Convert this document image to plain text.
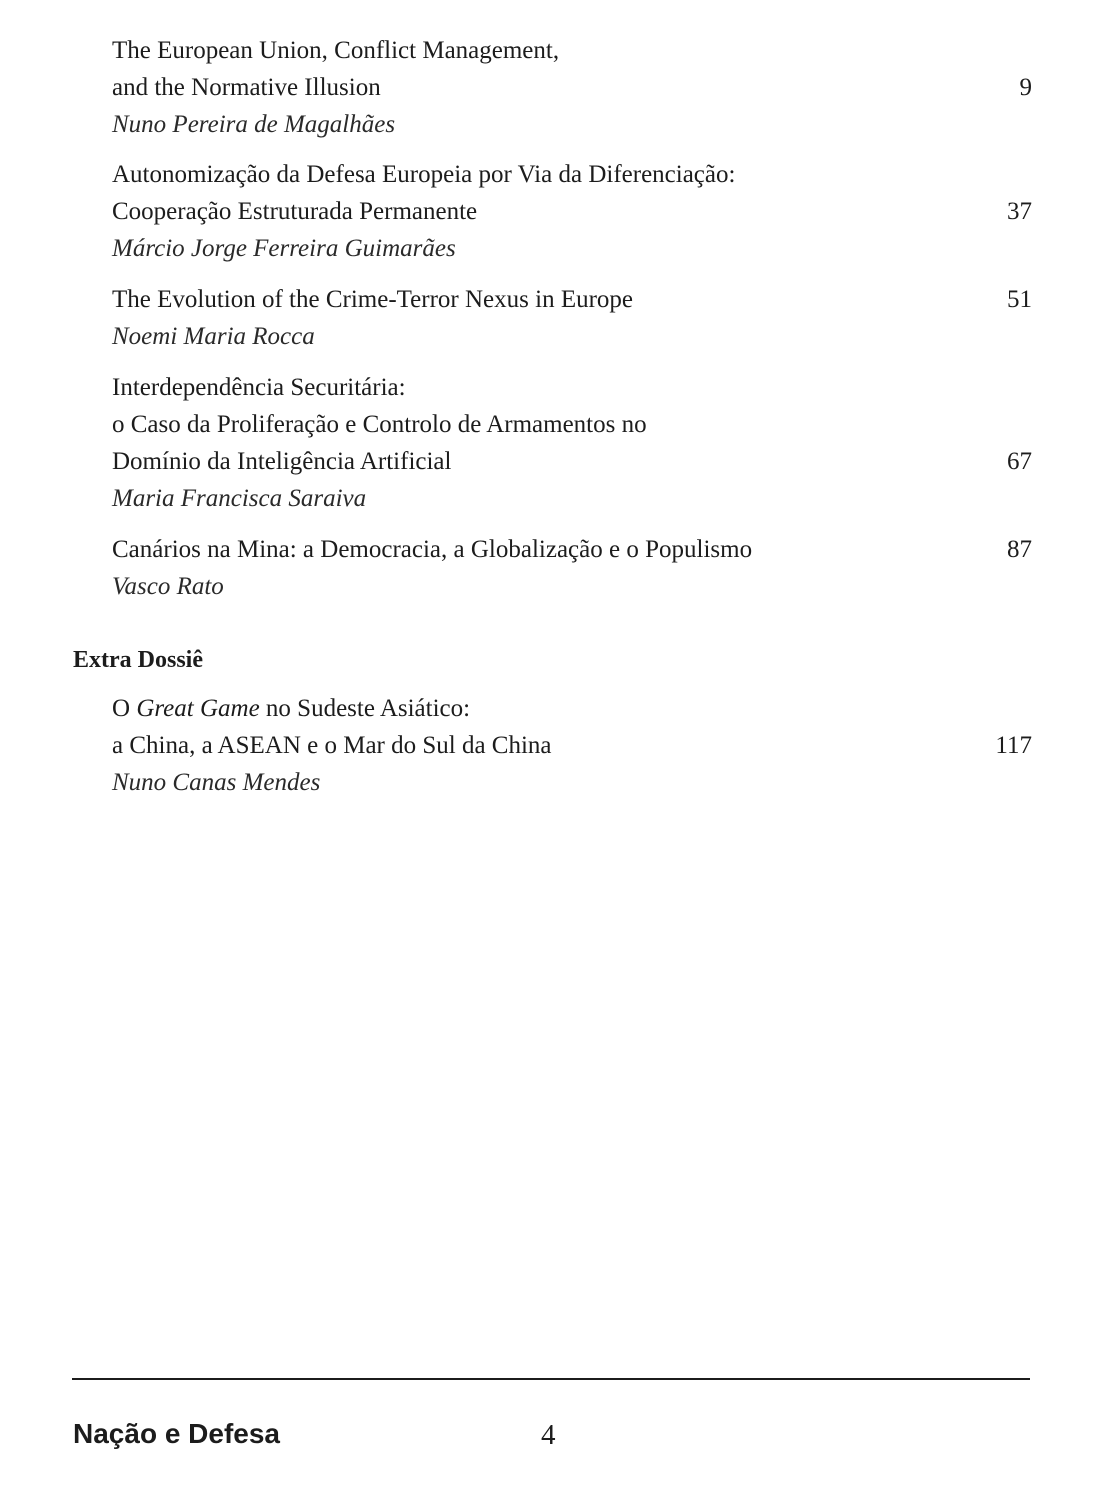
The European Union, Conflict Management,
and the Normative Illusion	9
Nuno Pereira de Magalhães
Autonomização da Defesa Europeia por Via da Diferenciação:
Cooperação Estruturada Permanente	37
Márcio Jorge Ferreira Guimarães
The Evolution of the Crime-Terror Nexus in Europe	51
Noemi Maria Rocca
Interdependência Securitária:
o Caso da Proliferação e Controlo de Armamentos no
Domínio da Inteligência Artificial	67
Maria Francisca Saraiva
Canários na Mina: a Democracia, a Globalização e o Populismo	87
Vasco Rato
Extra Dossiê
O Great Game no Sudeste Asiático:
a China, a ASEAN e o Mar do Sul da China	117
Nuno Canas Mendes
Nação e Defesa	4
